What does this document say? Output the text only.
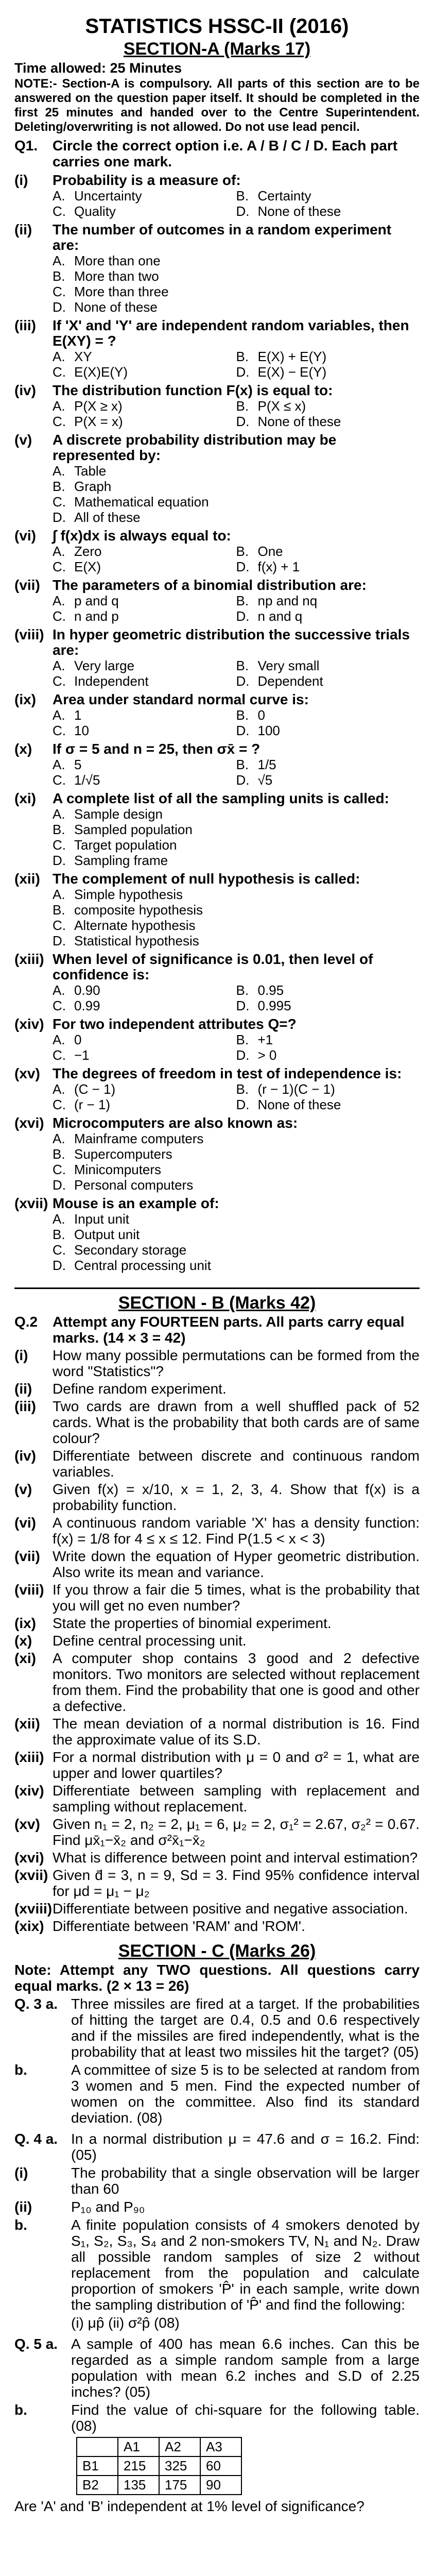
STATISTICS HSSC-II (2016)
SECTION-A (Marks 17)
Time allowed: 25 Minutes
NOTE:- Section-A is compulsory. All parts of this section are to be answered on the question paper itself. It should be completed in the first 25 minutes and handed over to the Centre Superintendent. Deleting/overwriting is not allowed. Do not use lead pencil.
Q1.	Circle the correct option i.e. A / B / C / D. Each part carries one mark.
(i)	Probability is a measure of:
A. Uncertainty	B. Certainty
C. Quality	D. None of these
(ii)	The number of outcomes in a random experiment are:
A. More than one
B. More than two
C. More than three
D. None of these
(iii)	If 'X' and 'Y' are independent random variables, then E(XY) = ?
A. XY	B. E(X) + E(Y)
C. E(X)E(Y)	D. E(X) − E(Y)
(iv)	The distribution function F(x) is equal to:
A. P(X ≥ x)	B. P(X ≤ x)
C. P(X = x)	D. None of these
(v)	A discrete probability distribution may be represented by:
A. Table
B. Graph
C. Mathematical equation
D. All of these
(vi)	∫ f(x)dx is always equal to:
A. Zero	B. One
C. E(X)	D. f(x) + 1
(vii) The parameters of a binomial distribution are:
A. p and q	B. np and nq
C. n and p	D. n and q
(viii) In hyper geometric distribution the successive trials are:
A. Very large	B. Very small
C. Independent	D. Dependent
(ix)	Area under standard normal curve is:
A. 1	B. 0
C. 10	D. 100
(x)	If σ = 5 and n = 25, then σx̄ = ?
A. 5	B. 1/5
C. 1/√5	D. √5
(xi)	A complete list of all the sampling units is called:
A. Sample design
B. Sampled population
C. Target population
D. Sampling frame
(xii) The complement of null hypothesis is called:
A. Simple hypothesis
B. composite hypothesis
C. Alternate hypothesis
D. Statistical hypothesis
(xiii) When level of significance is 0.01, then level of confidence is:
A. 0.90	B. 0.95
C. 0.99	D. 0.995
(xiv) For two independent attributes Q=?
A. 0	B. +1
C. −1	D. > 0
(xv) The degrees of freedom in test of independence is:
A. (C − 1)	B. (r − 1)(C − 1)
C. (r − 1)	D. None of these
(xvi) Microcomputers are also known as:
A. Mainframe computers
B. Supercomputers
C. Minicomputers
D. Personal computers
(xvii) Mouse is an example of:
A. Input unit
B. Output unit
C. Secondary storage
D. Central processing unit
SECTION - B (Marks 42)
Q.2	Attempt any FOURTEEN parts. All parts carry equal marks. (14 × 3 = 42)
(i)	How many possible permutations can be formed from the word "Statistics"?
(ii)	Define random experiment.
(iii)	Two cards are drawn from a well shuffled pack of 52 cards. What is the probability that both cards are of same colour?
(iv)	Differentiate between discrete and continuous random variables.
(v)	Given f(x) = x/10, x = 1, 2, 3, 4. Show that f(x) is a probability function.
(vi)	A continuous random variable 'X' has a density function: f(x) = 1/8 for 4 ≤ x ≤ 12. Find P(1.5 < x < 3)
(vii) Write down the equation of Hyper geometric distribution. Also write its mean and variance.
(viii) If you throw a fair die 5 times, what is the probability that you will get no even number?
(ix)	State the properties of binomial experiment.
(x)	Define central processing unit.
(xi)	A computer shop contains 3 good and 2 defective monitors. Two monitors are selected without replacement from them. Find the probability that one is good and other a defective.
(xii) The mean deviation of a normal distribution is 16. Find the approximate value of its S.D.
(xiii) For a normal distribution with μ = 0 and σ² = 1, what are upper and lower quartiles?
(xiv) Differentiate between sampling with replacement and sampling without replacement.
(xv) Given n₁ = 2, n₂ = 2, μ₁ = 6, μ₂ = 2, σ₁² = 2.67, σ₂² = 0.67. Find μx̄₁−x̄₂ and σ²x̄₁−x̄₂
(xvi) What is difference between point and interval estimation?
(xvii) Given d̄ = 3, n = 9, Sd = 3. Find 95% confidence interval for μd = μ₁ − μ₂
(xviii) Differentiate between positive and negative association.
(xix) Differentiate between 'RAM' and 'ROM'.
SECTION - C (Marks 26)
Note: Attempt any TWO questions. All questions carry equal marks. (2 × 13 = 26)
Q. 3 a. Three missiles are fired at a target. If the probabilities of hitting the target are 0.4, 0.5 and 0.6 respectively and if the missiles are fired independently, what is the probability that at least two missiles hit the target? (05)
b.	A committee of size 5 is to be selected at random from 3 women and 5 men. Find the expected number of women on the committee. Also find its standard deviation. (08)
Q. 4 a. In a normal distribution μ = 47.6 and σ = 16.2. Find: (05)
(i)	The probability that a single observation will be larger than 60
(ii)	P₁₀ and P₉₀
b.	A finite population consists of 4 smokers denoted by S₁, S₂, S₃, S₄ and 2 non-smokers TV, N₁ and N₂. Draw all possible random samples of size 2 without replacement from the population and calculate proportion of smokers 'P̂' in each sample, write down the sampling distribution of 'P̂' and find the following:
(i) μp̂ (ii) σ²p̂ (08)
Q. 5 a. A sample of 400 has mean 6.6 inches. Can this be regarded as a simple random sample from a large population with mean 6.2 inches and S.D of 2.25 inches? (05)
b.	Find the value of chi-square for the following table. (08)
	A1	A2	A3
B1	215	325	60
B2	135	175	90
Are 'A' and 'B' independent at 1% level of significance?
